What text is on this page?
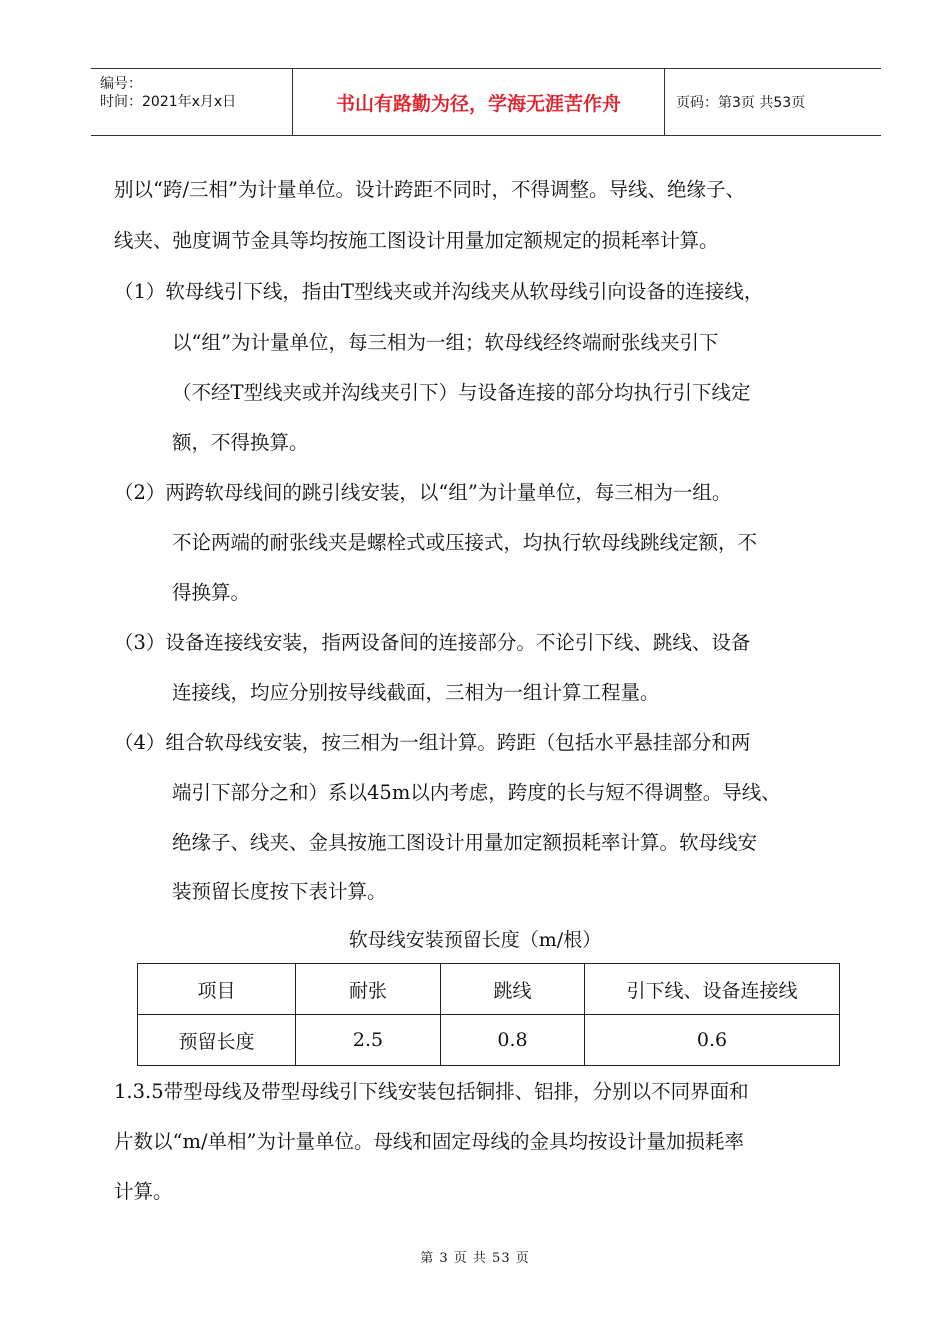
编号：
时间：2021年x月x日	书山有路勤为径，学海无涯苦作舟	页码：第3页 共53页
别以“跨/三相”为计量单位。设计跨距不同时，不得调整。导线、绝缘子、
线夹、弛度调节金具等均按施工图设计用量加定额规定的损耗率计算。
（1）软母线引下线，指由T型线夹或并沟线夹从软母线引向设备的连接线，
以“组”为计量单位，每三相为一组；软母线经终端耐张线夹引下
（不经T型线夹或并沟线夹引下）与设备连接的部分均执行引下线定
额，不得换算。
（2）两跨软母线间的跳引线安装，以“组”为计量单位，每三相为一组。
不论两端的耐张线夹是螺栓式或压接式，均执行软母线跳线定额，不
得换算。
（3）设备连接线安装，指两设备间的连接部分。不论引下线、跳线、设备
连接线，均应分别按导线截面，三相为一组计算工程量。
（4）组合软母线安装，按三相为一组计算。跨距（包括水平悬挂部分和两
端引下部分之和）系以45m以内考虑，跨度的长与短不得调整。导线、
绝缘子、线夹、金具按施工图设计用量加定额损耗率计算。软母线安
装预留长度按下表计算。
软母线安装预留长度（m/根）
项目	耐张	跳线	引下线、设备连接线
预留长度	2.5	0.8	0.6
1.3.5带型母线及带型母线引下线安装包括铜排、铝排，分别以不同界面和
片数以“m/单相”为计量单位。母线和固定母线的金具均按设计量加损耗率
计算。
第 3 页 共 53 页
